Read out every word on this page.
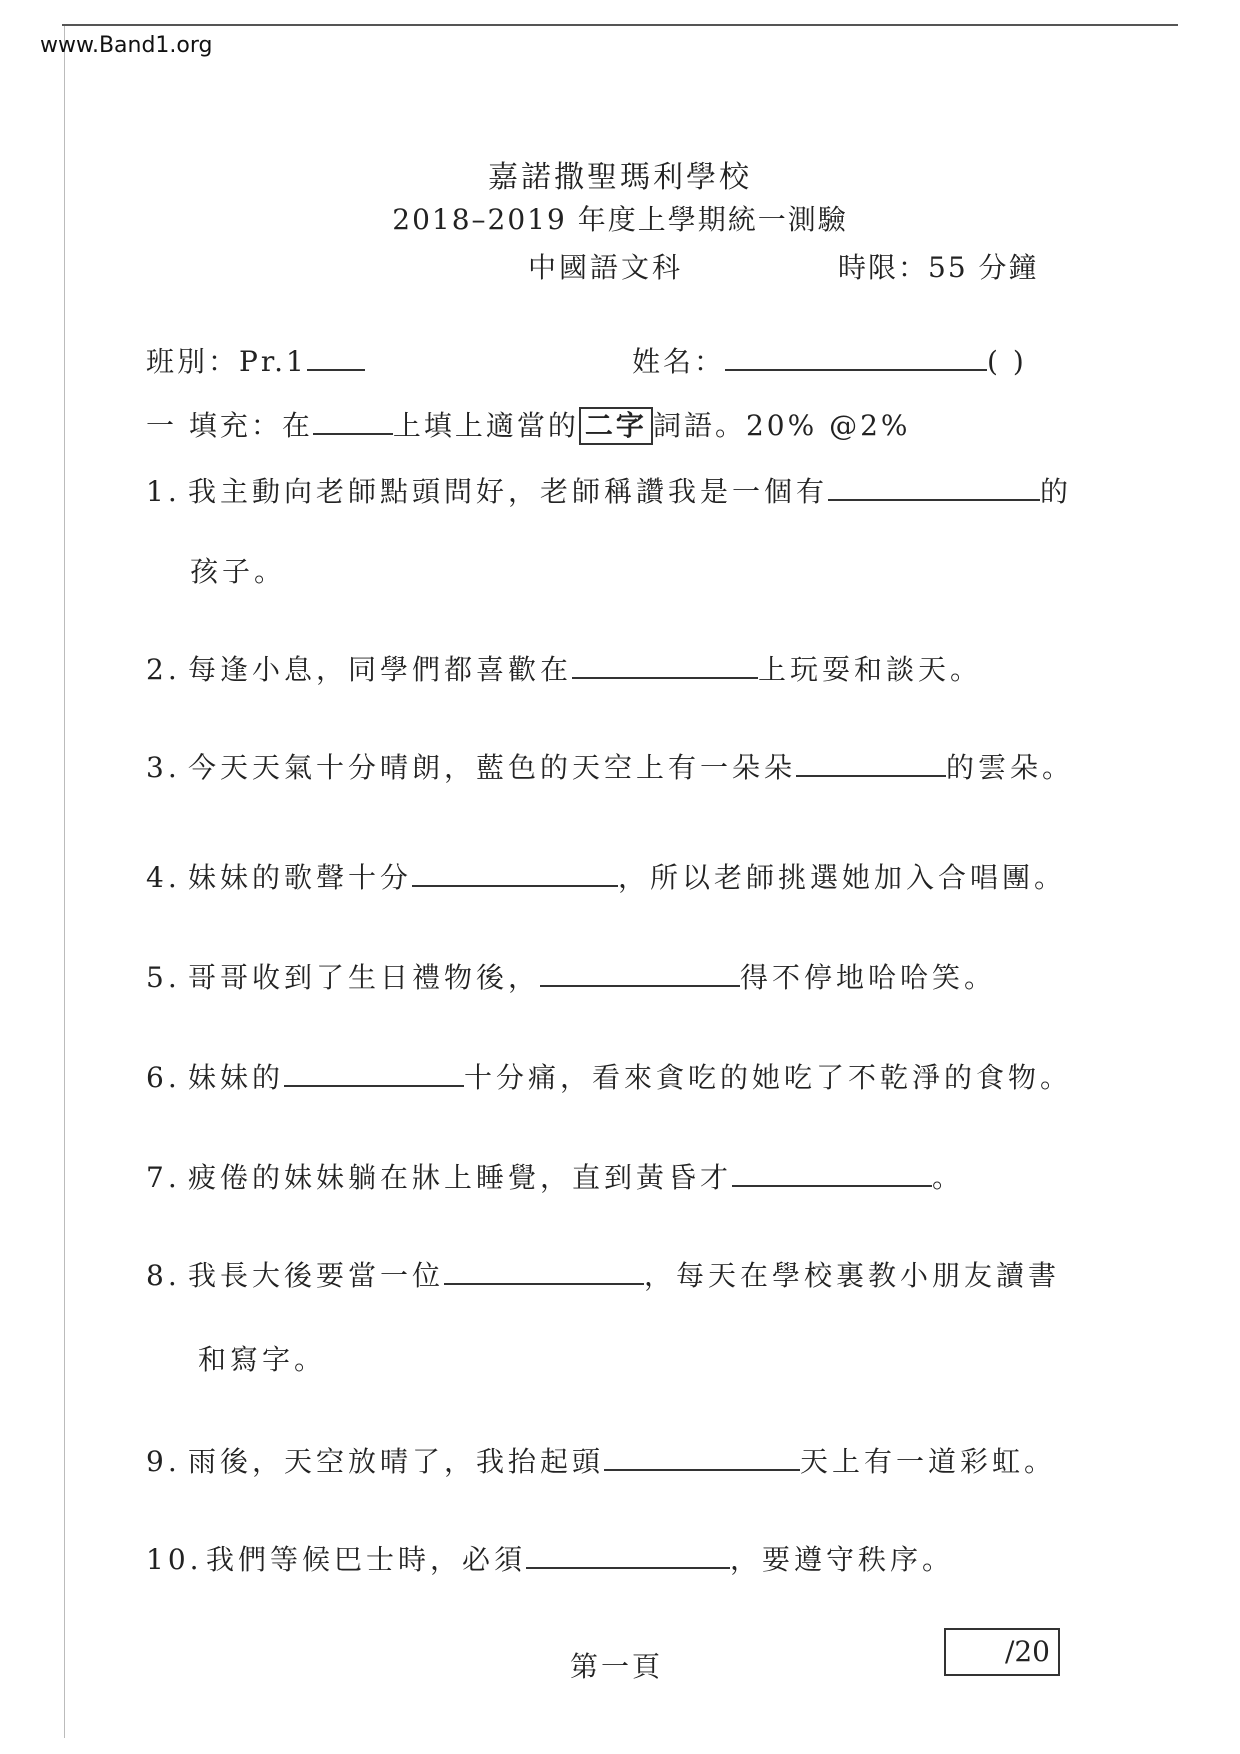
www.Band1.org
嘉諾撒聖瑪利學校
2018–2019 年度上學期統一測驗
中國語文科	時限：55 分鐘
班別：Pr.1	姓名：	( )
一 填充：在	上填上適當的 二字 詞語。20% @2%
1. 我主動向老師點頭問好，老師稱讚我是一個有	的
孩子。
2. 每逢小息，同學們都喜歡在	上玩耍和談天。
3. 今天天氣十分晴朗，藍色的天空上有一朵朵	的雲朵。
4. 妹妹的歌聲十分	，所以老師挑選她加入合唱團。
5. 哥哥收到了生日禮物後，	得不停地哈哈笑。
6. 妹妹的	十分痛，看來貪吃的她吃了不乾淨的食物。
7. 疲倦的妹妹躺在牀上睡覺，直到黃昏才	。
8. 我長大後要當一位	，每天在學校裏教小朋友讀書
和寫字。
9. 雨後，天空放晴了，我抬起頭	天上有一道彩虹。
10. 我們等候巴士時，必須	，要遵守秩序。
第一頁	/20
